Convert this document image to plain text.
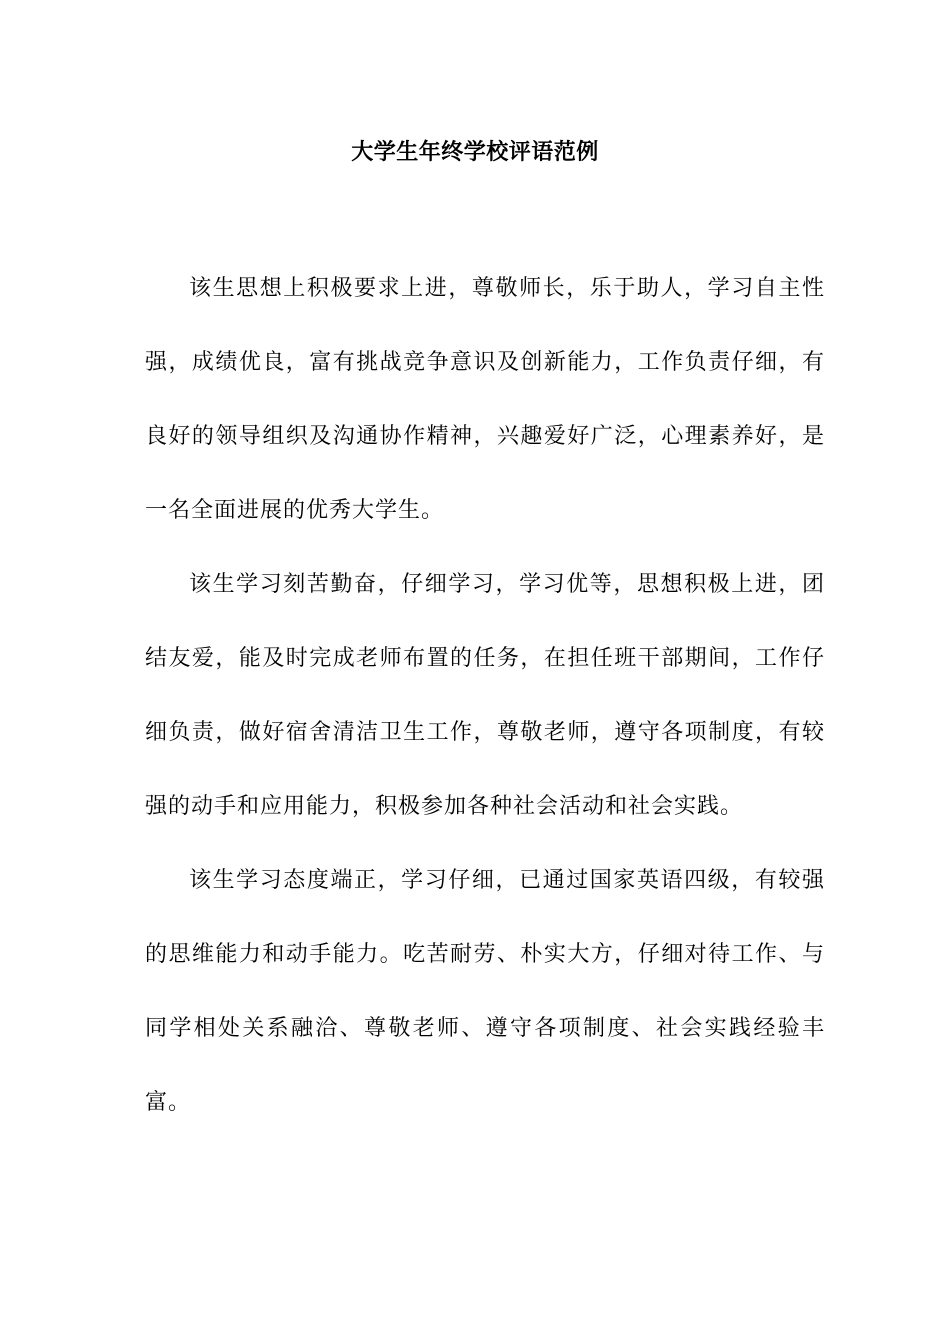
大学生年终学校评语范例

该生思想上积极要求上进，尊敬师长，乐于助人，学习自主性强，成绩优良，富有挑战竞争意识及创新能力，工作负责仔细，有良好的领导组织及沟通协作精神，兴趣爱好广泛，心理素养好，是一名全面进展的优秀大学生。

该生学习刻苦勤奋，仔细学习，学习优等，思想积极上进，团结友爱，能及时完成老师布置的任务，在担任班干部期间，工作仔细负责，做好宿舍清洁卫生工作，尊敬老师，遵守各项制度，有较强的动手和应用能力，积极参加各种社会活动和社会实践。

该生学习态度端正，学习仔细，已通过国家英语四级，有较强的思维能力和动手能力。吃苦耐劳、朴实大方，仔细对待工作、与同学相处关系融洽、尊敬老师、遵守各项制度、社会实践经验丰富。
